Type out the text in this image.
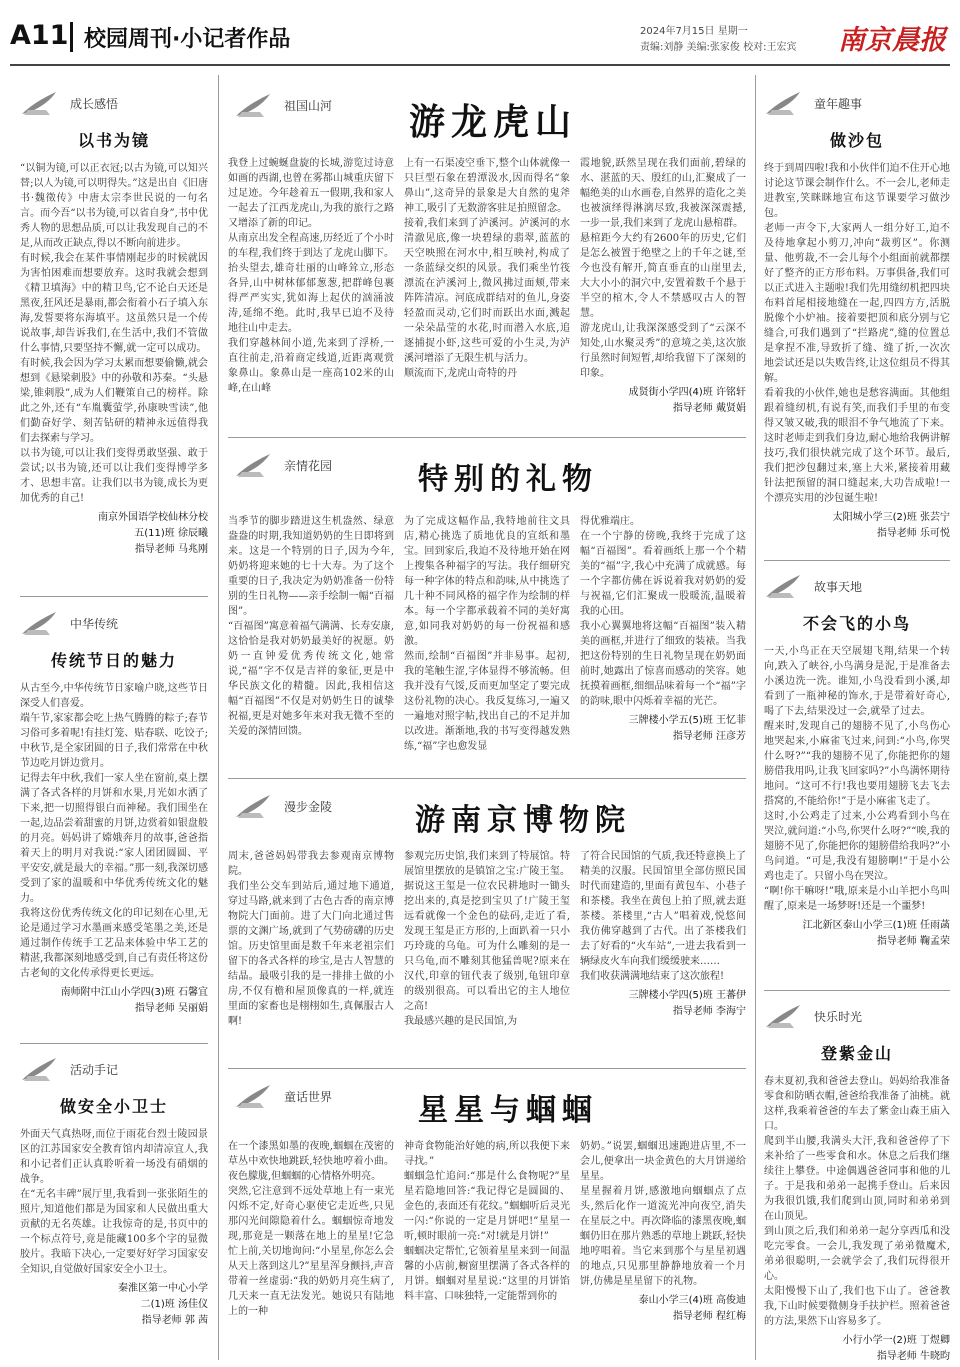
A11 校园周刊·小记者作品	2024年7月15日 星期一
责编:刘静 美编:张家俊 校对:王宏宾 南京晨报
成长感悟
以书为镜
“以铜为镜,可以正衣冠;以古为镜,可以知兴替;以人为镜,可以明得失。”这是出自《旧唐书·魏徵传》中唐太宗李世民说的一句名言。而今吾“以书为镜,可以省自身”,书中优秀人物的思想品质,可以让我发现自己的不足,从而改正缺点,得以不断向前进步。
有时候,我会在某件事情刚起步的时候就因为害怕困难而想要放弃。这时我就会想到《精卫填海》中的精卫鸟,它不论白天还是黑夜,狂风还是暴雨,都会衔着小石子填入东海,发誓要将东海填平。这虽然只是一个传说故事,却告诉我们,在生活中,我们不管做什么事情,只要坚持不懈,就一定可以成功。
有时候,我会因为学习太累而想要偷懒,就会想到《悬梁刺股》中的孙敬和苏秦。“头悬梁,锥刺股”,成为人们鞭策自己的榜样。除此之外,还有“车胤囊萤学,孙康映雪读”,他们勤奋好学、刻苦钻研的精神永远值得我们去探索与学习。
以书为镜,可以让我们变得勇敢坚强、敢于尝试;以书为镜,还可以让我们变得博学多才、思想丰富。让我们以书为镜,成长为更加优秀的自己!
南京外国语学校仙林分校
五(11)班 徐辰曦
指导老师 马兆刚
中华传统
传统节日的魅力
从古至今,中华传统节日家喻户晓,这些节日深受人们喜爱。
端午节,家家都会吃上热气腾腾的粽子;春节习俗可多着呢!有挂灯笼、贴春联、吃饺子;中秋节,是全家团圆的日子,我们常常在中秋节边吃月饼边赏月。
记得去年中秋,我们一家人坐在窗前,桌上摆满了各式各样的月饼和水果,月光如水洒了下来,把一切照得银白而神秘。我们围坐在一起,边品尝着甜蜜的月饼,边赏着如银盘般的月亮。妈妈讲了嫦娥奔月的故事,爸爸指着天上的明月对我说:“家人团团圆圆、平平安安,就是最大的幸福。”那一刻,我深切感受到了家的温暖和中华优秀传统文化的魅力。
我将这份优秀传统文化的印记刻在心里,无论是通过学习水墨画来感受笔墨之美,还是通过制作传统手工艺品来体验中华工艺的精湛,我都深刻地感受到,自己有责任将这份古老甸的文化传承得更长更远。
南师附中江山小学四(3)班 石馨宜
指导老师 吴丽娟
活动手记
做安全小卫士
外面天气真热呀,而位于雨花台烈士陵园景区的江苏国家安全教育馆内却清凉宜人,我和小记者们正认真聆听着一场没有硝烟的战争。
在“无名丰碑”展厅里,我看到一张张陌生的照片,知道他们都是为国家和人民做出重大贡献的无名英雄。让我惊奇的是,书页中的一个标点符号,竟是能藏100多个字的显微胶片。我暗下决心,一定要好好学习国家安全知识,自觉做好国家安全小卫士。
秦淮区第一中心小学
二(1)班 汤佳仪
指导老师 郭 茜
祖国山河	游龙虎山
我登上过蜿蜒盘旋的长城,游览过诗意如画的西湖,也曾在雾都山城重庆留下过足迹。今年趁着五一假期,我和家人一起去了江西龙虎山,为我的旅行之路又增添了新的印记。
从南京出发全程高速,历经近了个小时的车程,我们终于到达了龙虎山脚下。抬头望去,雄奇壮丽的山峰耸立,形态各异,山中树林郁郁葱葱,把群峰包裹得严严实实,犹如海上起伏的汹涌波涛,延绵不绝。此时,我早已迫不及待地往山中走去。
我们穿越林间小道,先来到了浮桥,一直往前走,沿着商定线道,近距离观赏象鼻山。象鼻山是一座高102米的山峰,在山峰
上有一石渠凌空垂下,整个山体就像一只巨型石象在碧潭汲水,因而得名“象鼻山”,这奇异的景象是大自然的鬼斧神工,吸引了无数游客驻足拍照留念。
接着,我们来到了泸溪河。泸溪河的水清澈见底,像一块碧绿的翡翠,蓝蓝的天空映照在河水中,相互映衬,构成了一条蓝绿交织的风景。我们乘坐竹筏漂流在泸溪河上,微风拂过面颊,带来阵阵清凉。河底成群结对的鱼儿,身姿轻盈而灵动,它们时而跃出水面,溅起一朵朵晶莹的水花,时而潜入水底,追逐捕捉小虾,这些可爱的小生灵,为泸溪河增添了无限生机与活力。
顺流而下,龙虎山奇特的丹
霞地貌,跃然呈现在我们面前,碧绿的水、湛蓝的天、殷红的山,汇聚成了一幅绝美的山水画卷,自然界的造化之美也被演绎得淋漓尽致,我被深深震撼,一步一景,我们来到了龙虎山悬棺群。
悬棺距今大约有2600年的历史,它们是怎么被置于绝壁之上的千年之谜,至今也没有解开,简直垂直的山崖里去,大大小小的洞穴中,安置着数千个悬于半空的棺木,令人不禁感叹古人的智慧。
游龙虎山,让我深深感受到了“云深不知处,山水聚灵秀”的意境之美,这次旅行虽然时间短暂,却给我留下了深刻的印象。
成贤街小学四(4)班 许铭轩
指导老师 戴贤娟
亲情花园	特别的礼物
当季节的脚步踏进这生机盎然、绿意盎盎的时期,我知道奶奶的生日即将到来。这是一个特别的日子,因为今年,奶奶将迎来她的七十大寿。为了这个重要的日子,我决定为奶奶准备一份特别的生日礼物——亲手绘制一幅“百福图”。
“百福图”寓意着福气满满、长寿安康,这恰恰是我对奶奶最美好的祝愿。奶奶一直钟爱优秀传统文化,她常说,“福”字不仅是吉祥的象征,更是中华民族文化的精髓。因此,我相信这幅“百福图”不仅是对奶奶生日的诚挚祝福,更是对她多年来对我无微不至的关爱的深情回馈。
为了完成这幅作品,我特地前往文具店,精心挑选了质地优良的宣纸和墨宝。回到家后,我迫不及待地开始在网上搜集各种福字的写法。我仔细研究每一种字体的特点和韵味,从中挑选了几十种不同风格的福字作为绘制的样本。每一个字都承载着不同的美好寓意,如同我对奶奶的每一份祝福和感激。
然而,绘制“百福图”并非易事。起初,我的笔触生涩,字体显得不够流畅。但我并没有气馁,反而更加坚定了要完成这份礼物的决心。我反复练习,一遍又一遍地对照字帖,找出自己的不足并加以改进。渐渐地,我的书写变得越发熟练,“福”字也愈发显
得优雅端庄。
在一个宁静的傍晚,我终于完成了这幅“百福图”。看着画纸上那一个个精美的“福”字,我心中充满了成就感。每一个字都仿佛在诉说着我对奶奶的爱与祝福,它们汇聚成一股暖流,温暖着我的心田。
我小心翼翼地将这幅“百福图”装入精美的画框,并进行了细致的装裱。当我把这份特别的生日礼物呈现在奶奶面前时,她露出了惊喜而感动的笑容。她抚摸着画框,细细品味着每一个“福”字的韵味,眼中闪烁着幸福的光芒。
三牌楼小学五(5)班 王忆菲
指导老师 汪彦芳
漫步金陵	游南京博物院
周末,爸爸妈妈带我去参观南京博物院。
我们坐公交车到站后,通过地下通道,穿过马路,就来到了古色古香的南京博物院大门面前。进了大门向北通过售票的文渊广场,就到了气势磅礴的历史馆。历史馆里面是数千年来老祖宗们留下的各式各样的珍宝,是古人智慧的结晶。最吸引我的是一排排土做的小房,不仅有檐和屋顶像真的一样,就连里面的家畜也是栩栩如生,真佩服古人啊!
参观完历史馆,我们来到了特展馆。特展馆里摆放的是镇馆之宝:广陵王玺。据说这王玺是一位农民耕地时一锄头挖出来的,真是挖到宝贝了!广陵王玺远看就像一个金色的砝码,走近了看,发现王玺是正方形的,上面趴着一只小巧玲珑的乌龟。可为什么雕刻的是一只乌龟,而不雕刻其他猛兽呢?原来在汉代,印章的钮代表了级别,龟钮印章的级别很高。可以看出它的主人地位之高!
我最感兴趣的是民国馆,为
了符合民国馆的气质,我还特意换上了精美的汉服。民国馆里全部仿照民国时代而建造的,里面有黄包车、小巷子和茶楼。我坐在黄包上拍了照,就去逛茶楼。茶楼里,“古人”唱着戏,悦悠间我仿佛穿越到了古代。出了茶楼我们去了好看的“火车站”,一进去我看到一辆绿皮火车向我们缓缓驶来……
我们收获满满地结束了这次旅程!
三牌楼小学四(5)班 王蕃伊
指导老师 李海宁
童话世界	星星与蝈蝈
在一个漆黑如墨的夜晚,蝈蝈在茂密的草丛中欢快地跳跃,轻快地哼着小曲。夜色朦胧,但蝈蝈的心情格外明亮。
突然,它注意到不远处草地上有一束光闪烁不定,好奇心驱使它走近些,只见那闪光间隙隐着什么。蝈蝈惊奇地发现,那竟是一颗落在地上的星星!它急忙上前,关切地询问:“小星星,你怎么会从天上落到这儿?”星星浑身颤抖,声音带着一丝虚弱:“我的奶奶月亮生病了,几天来一直无法发光。她说只有陆地上的一种
神奇食物能治好她的病,所以我便下来寻找。”
蝈蝈急忙追问:“那是什么食物呢?”星星若隐地回答:“我记得它是圆圆的、金色的,表面还有花纹。”蝈蝈听后灵光一闪:“你说的一定是月饼吧!”星星一听,顿时眼前一亮:“对!就是月饼!”
蝈蝈决定帮忙,它领着星星来到一间温馨的小店前,橱窗里摆满了各式各样的月饼。蝈蝈对星星说:“这里的月饼馅料丰富、口味独特,一定能帮到你的
奶奶。”说罢,蝈蝈迅速跑进店里,不一会儿,便拿出一块金黄色的大月饼递给星星。
星星握着月饼,感激地向蝈蝈点了点头,然后化作一道流光冲向夜空,消失在星辰之中。再次降临的漆黑夜晚,蝈蝈仍旧在那片熟悉的草地上跳跃,轻快地哼唱着。当它来到那个与星星初遇的地点,只见那里静静地放着一个月饼,仿佛是星星留下的礼物。
泰山小学三(4)班 高俊迪
指导老师 程红梅
童年趣事
做沙包
终于到周四啦!我和小伙伴们迫不住开心地讨论这节课会制作什么。不一会儿,老师走进教室,笑眯眯地宣布这节课要学习做沙包。
老师一声令下,大家两人一组分好工,迫不及待地拿起小剪刀,冲向“裁剪区”。你测量、他剪裁,不一会儿每个小组面前就都摆好了整齐的正方形布料。万事俱备,我们可以正式进入主题啦!我们先用缝纫机把四块布料首尾相接地缝在一起,四四方方,活脱脱像个小炉袖。接着要把顶和底分别与它缝合,可我们遇到了“拦路虎”,缝的位置总是拿捏不准,导致折了缝、缝了折,一次次地尝试还是以失败告终,让这位组员不得其解。
看着我的小伙伴,她也是愁容满面。其他组跟着缝纫机,有说有笑,而我们手里的布变得又皱又破,我的眼泪不争气地流了下来。这时老师走到我们身边,耐心地给我俩讲解技巧,我们很快就完成了这个环节。最后,我们把沙包翻过来,塞上大米,紧接着用藏针法把预留的洞口缝起来,大功告成啦!一个漂亮实用的沙包诞生啦!
太阳城小学三(2)班 张芸宁
指导老师 乐可悦
故事天地
不会飞的小鸟
一天,小鸟正在天空展翅飞翔,结果一个转向,跌入了峡谷,小鸟满身是泥,于是准备去小溪边洗一洗。谁知,小鸟没看到小溪,却看到了一瓶神秘的饰水,于是带着好奇心,喝了下去,结果没过一会,就晕了过去。
醒来时,发现自己的翅膀不见了,小鸟伤心地哭起来,小麻雀飞过来,问到:“小鸟,你哭什么呀?”“我的翅膀不见了,你能把你的翅膀借我用吗,让我飞回家吗?”小鸟满怀期待地问。“这可不行!我也要用翅膀飞去飞去搭窝的,不能给你!”于是小麻雀飞走了。
这时,小公鸡走了过来,小公鸡看到小鸟在哭泣,就问道:“小鸟,你哭什么呀?”“唉,我的翅膀不见了,你能把你的翅膀借给我吗?”小鸟问道。“可是,我没有翅膀啊!”于是小公鸡也走了。只留小鸟在哭泣。
“啊!你干嘛呀!”哦,原来是小山羊把小鸟叫醒了,原来是一场梦呀!还是一个噩梦!
江北新区泰山小学三(1)班 任雨菡
指导老师 鞠孟荣
快乐时光
登紫金山
春末夏初,我和爸爸去登山。妈妈给我准备零食和防晒衣帽,爸爸给我准备了油桃。就这样,我乘着爸爸的车去了紫金山森王庙入口。
爬到半山腰,我满头大汗,我和爸爸停了下来补给了一些零食和水。休息之后我们继续往上攀登。中途偶遇爸爸同事和他的儿子。于是我和弟弟一起携手登山。后来因为我很饥饿,我们爬到山顶,同时和弟弟到在山顶见。
到山顶之后,我们和弟弟一起分享西瓜和没吃完零食。一会儿,我发现了弟弟微魔术,弟弟很聪明,一会就学会了,我们玩得很开心。
太阳慢慢下山了,我们也下山了。爸爸教我,下山时候要微侧身手扶护栏。照着爸爸的方法,果然下山容易多了。
小行小学一(2)班 丁煜卿
指导老师 牛晓昀
